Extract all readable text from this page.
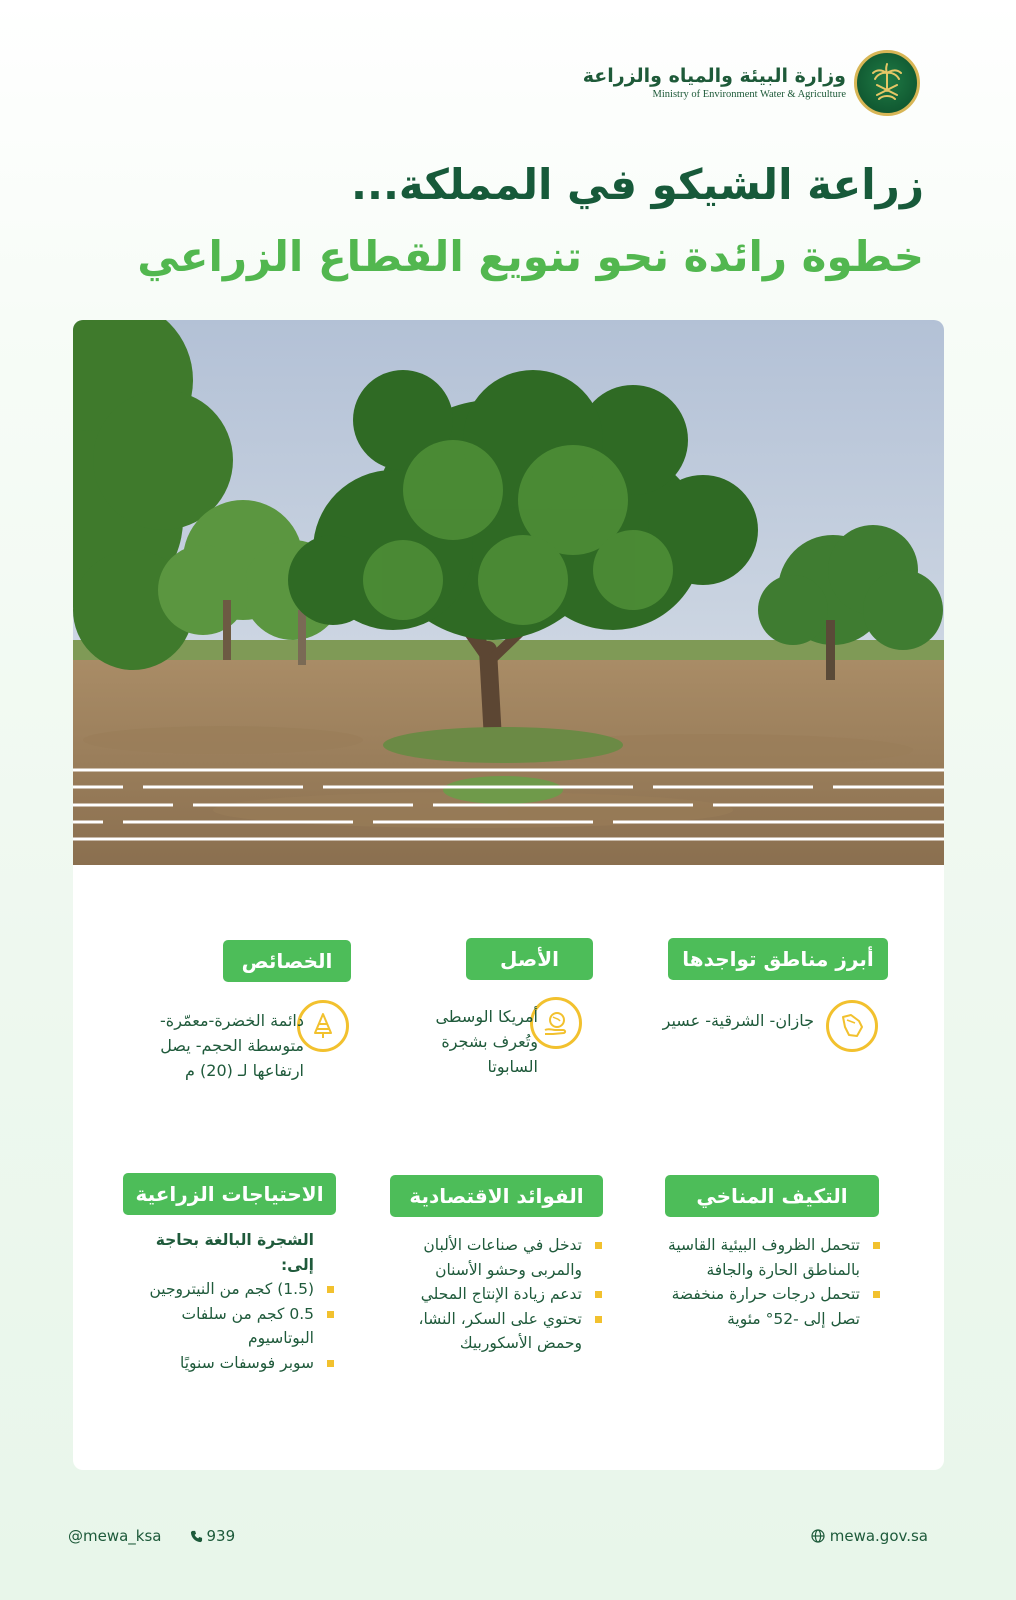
وزارة البيئة والمياه والزراعة
Ministry of Environment Water & Agriculture
زراعة الشيكو في المملكة...
خطوة رائدة نحو تنويع القطاع الزراعي
أبرز مناطق تواجدها
الأصل
الخصائص
جازان- الشرقية- عسير
أمريكا الوسطى
وتُعرف بشجرة
السابوتا
دائمة الخضرة-معمّرة-
متوسطة الحجم- يصل
ارتفاعها لـ (20) م
التكيف المناخي
الفوائد الاقتصادية
الاحتياجات الزراعية
تتحمل الظروف البيئية القاسية بالمناطق الحارة والجافة
تتحمل درجات حرارة منخفضة تصل إلى -52° مئوية
تدخل في صناعات الألبان والمربى وحشو الأسنان
تدعم زيادة الإنتاج المحلي
تحتوي على السكر، النشا، وحمض الأسكوربيك
الشجرة البالغة بحاجة إلى:
(1.5) كجم من النيتروجين
0.5 كجم من سلفات البوتاسيوم
سوبر فوسفات سنويًا
@mewa_ksa	939	mewa.gov.sa
